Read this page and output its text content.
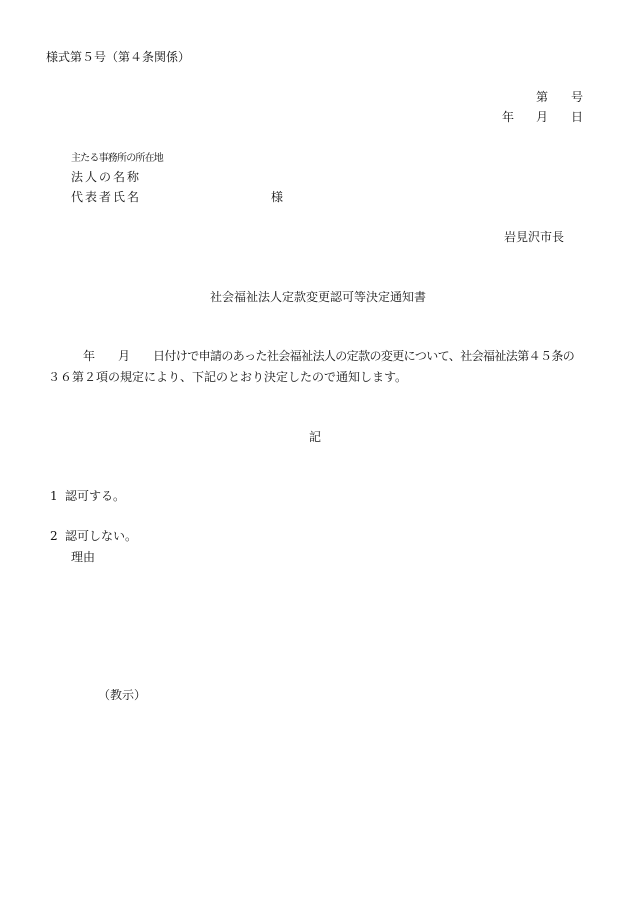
様式第５号（第４条関係）
第 号
年 月 日
主たる事務所の所在地
法人の名称
代表者氏名	様
岩見沢市長
社会福祉法人定款変更認可等決定通知書
年 月 日付けで申請のあった社会福祉法人の定款の変更について、社会福祉法第４５条の
３６第２項の規定により、下記のとおり決定したので通知します。
記
1 認可する。
2 認可しない。
理由
（教示）
